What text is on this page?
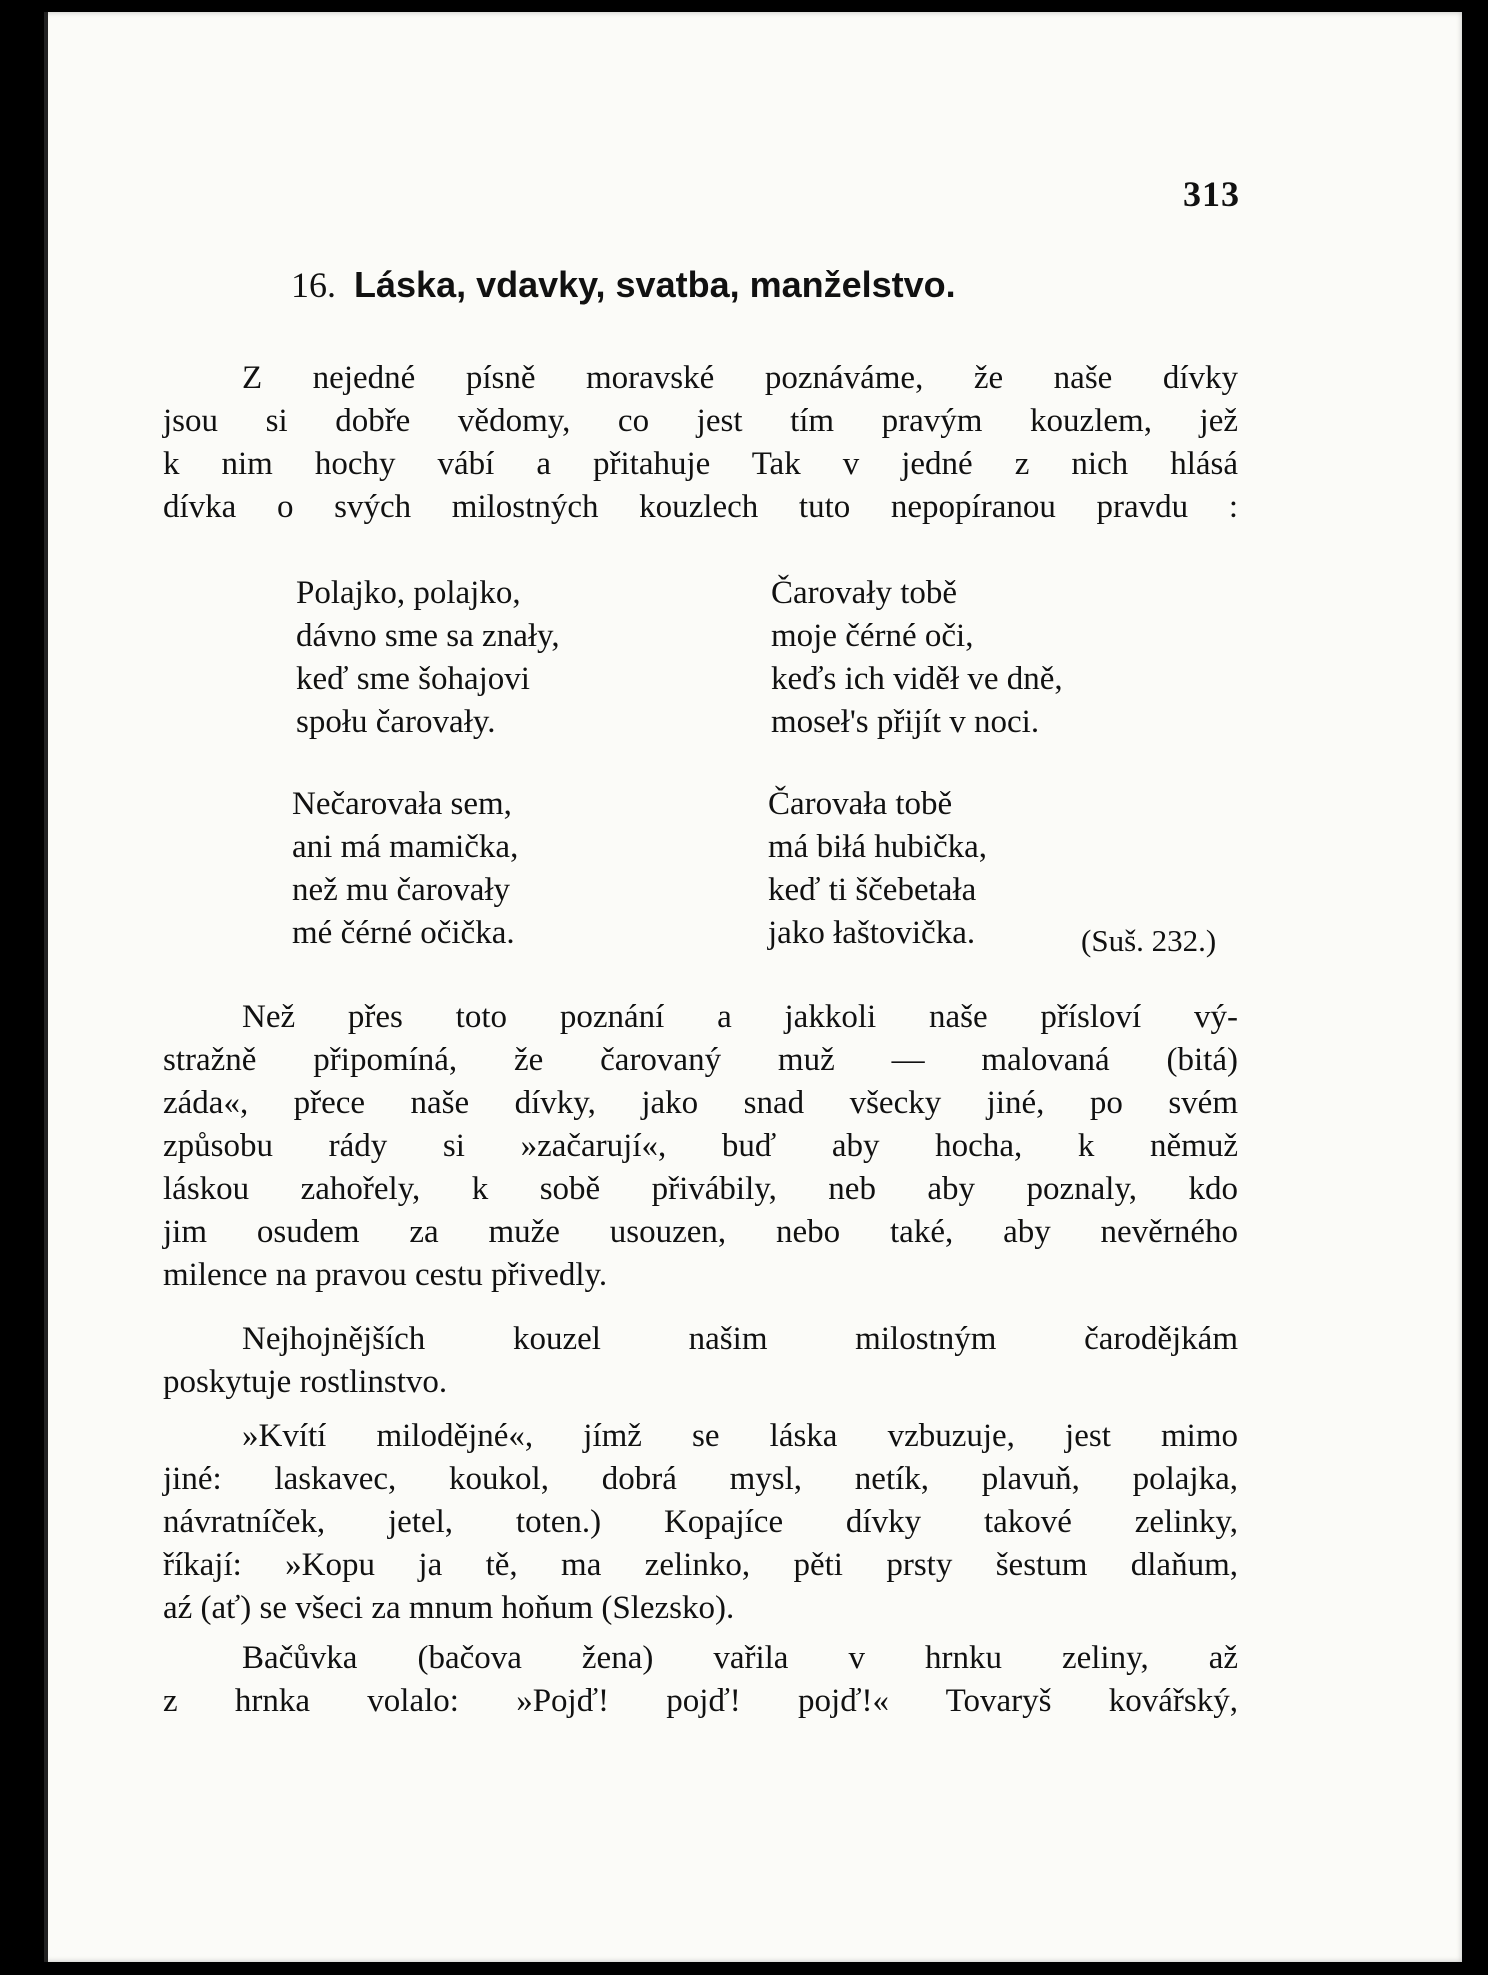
313
16. Láska, vdavky, svatba, manželstvo.
Z nejedné písně moravské poznáváme, že naše dívky
jsou si dobře vědomy, co jest tím pravým kouzlem, jež
k nim hochy vábí a přitahuje Tak v jedné z nich hlásá
dívka o svých milostných kouzlech tuto nepopíranou pravdu :
Polajko, polajko,
dávno sme sa znały,
keď sme šohajovi
społu čarovały.
Čarovały tobě
moje čérné oči,
keďs ich viděł ve dně,
moseł's přijít v noci.
Nečarovała sem,
ani má mamička,
než mu čarovały
mé čérné očička.
Čarovała tobě
má biłá hubička,
keď ti ščebetała
jako łaštovička.	(Suš. 232.)
Než přes toto poznání a jakkoli naše přísloví vý-
stražně připomíná, že čarovaný muž — malovaná (bitá)
záda«, přece naše dívky, jako snad všecky jiné, po svém
způsobu rády si »začarují«, buď aby hocha, k němuž
láskou zahořely, k sobě přivábily, neb aby poznaly, kdo
jim osudem za muže usouzen, nebo také, aby nevěrného
milence na pravou cestu přivedly.
Nejhojnějších kouzel našim milostným čarodějkám
poskytuje rostlinstvo.
»Kvítí milodějné«, jímž se láska vzbuzuje, jest mimo
jiné: laskavec, koukol, dobrá mysl, netík, plavuň, polajka,
návratníček, jetel, toten.) Kopajíce dívky takové zelinky,
říkají: »Kopu ja tě, ma zelinko, pěti prsty šestum dlaňum,
aź (ať) se všeci za mnum hoňum (Slezsko).
Bačůvka (bačova žena) vařila v hrnku zeliny, až
z hrnka volalo: »Pojď! pojď! pojď!« Tovaryš kovářský,
